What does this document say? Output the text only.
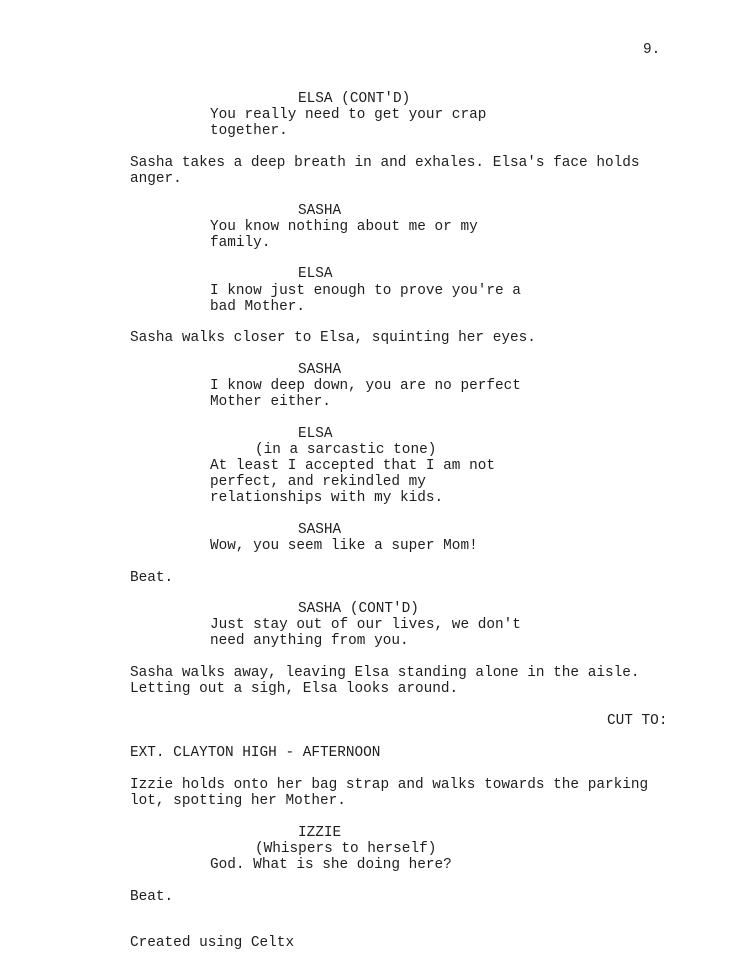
9.

ELSA (CONT'D)

You really need to get your crap

together.

Sasha takes a deep breath in and exhales. Elsa's face holds

anger.

SASHA

You know nothing about me or my

family.

ELSA

I know just enough to prove you're a

bad Mother.

Sasha walks closer to Elsa, squinting her eyes.

SASHA

I know deep down, you are no perfect

Mother either.

ELSA

(in a sarcastic tone)

At least I accepted that I am not

perfect, and rekindled my

relationships with my kids.

SASHA

Wow, you seem like a super Mom!

Beat.

SASHA (CONT'D)

Just stay out of our lives, we don't

need anything from you.

Sasha walks away, leaving Elsa standing alone in the aisle.

Letting out a sigh, Elsa looks around.

CUT TO:

EXT. CLAYTON HIGH - AFTERNOON

Izzie holds onto her bag strap and walks towards the parking

lot, spotting her Mother.

IZZIE

(Whispers to herself)

God. What is she doing here?

Beat.

Created using Celtx
